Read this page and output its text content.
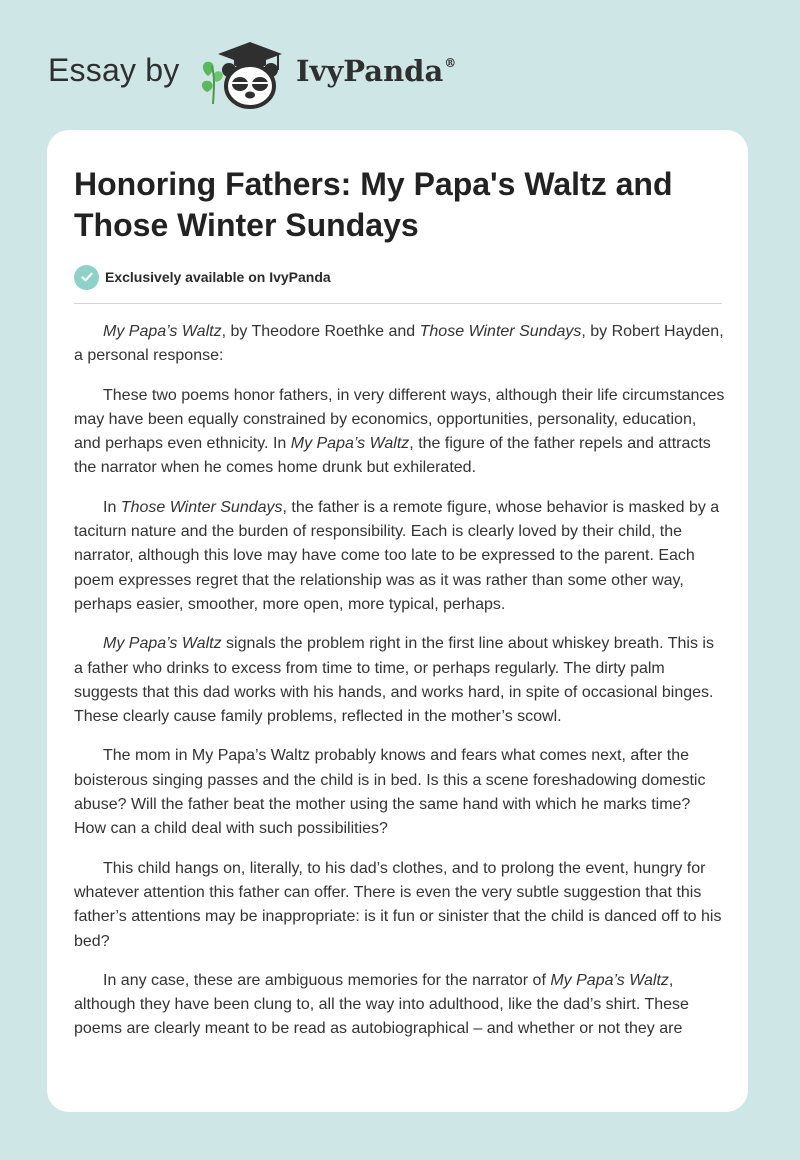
Essay by	IvyPanda®
Honoring Fathers: My Papa's Waltz and Those Winter Sundays
Exclusively available on IvyPanda

My Papa’s Waltz, by Theodore Roethke and Those Winter Sundays, by Robert Hayden, a personal response:

These two poems honor fathers, in very different ways, although their life circumstances may have been equally constrained by economics, opportunities, personality, education, and perhaps even ethnicity. In My Papa’s Waltz, the figure of the father repels and attracts the narrator when he comes home drunk but exhilerated.

In Those Winter Sundays, the father is a remote figure, whose behavior is masked by a taciturn nature and the burden of responsibility. Each is clearly loved by their child, the narrator, although this love may have come too late to be expressed to the parent. Each poem expresses regret that the relationship was as it was rather than some other way, perhaps easier, smoother, more open, more typical, perhaps.

My Papa’s Waltz signals the problem right in the first line about whiskey breath. This is a father who drinks to excess from time to time, or perhaps regularly. The dirty palm suggests that this dad works with his hands, and works hard, in spite of occasional binges. These clearly cause family problems, reflected in the mother’s scowl.

The mom in My Papa’s Waltz probably knows and fears what comes next, after the boisterous singing passes and the child is in bed. Is this a scene foreshadowing domestic abuse? Will the father beat the mother using the same hand with which he marks time? How can a child deal with such possibilities?

This child hangs on, literally, to his dad’s clothes, and to prolong the event, hungry for whatever attention this father can offer. There is even the very subtle suggestion that this father’s attentions may be inappropriate: is it fun or sinister that the child is danced off to his bed?

In any case, these are ambiguous memories for the narrator of My Papa’s Waltz, although they have been clung to, all the way into adulthood, like the dad’s shirt. These poems are clearly meant to be read as autobiographical – and whether or not they are
